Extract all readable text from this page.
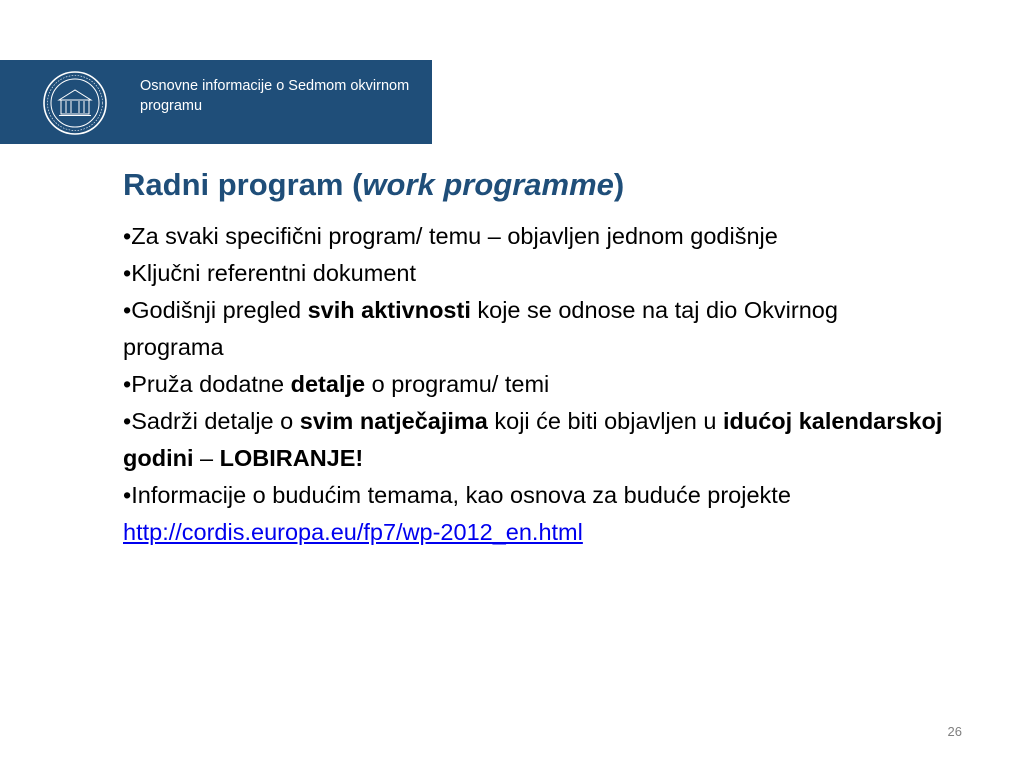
Osnovne informacije o Sedmom okvirnom programu
Radni program (work programme)

•Za svaki specifični program/ temu – objavljen jednom godišnje

•Ključni referentni dokument

•Godišnji pregled svih aktivnosti koje se odnose na taj dio Okvirnog programa

•Pruža dodatne detalje o programu/ temi

•Sadrži detalje o svim natječajima koji će biti objavljen u idućoj kalendarskoj godini – LOBIRANJE!

•Informacije o budućim temama, kao osnova za buduće projekte

http://cordis.europa.eu/fp7/wp-2012_en.html

26
